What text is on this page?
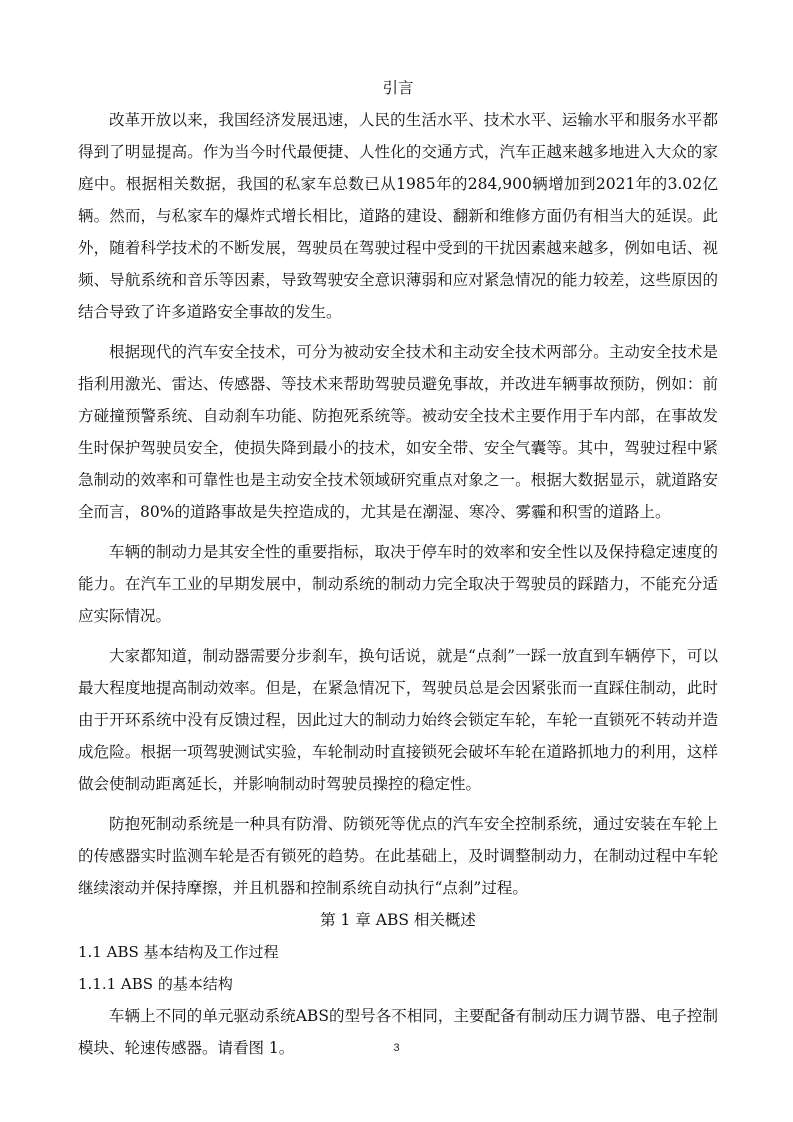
引言

改革开放以来，我国经济发展迅速，人民的生活水平、技术水平、运输水平和服务水平都得到了明显提高。作为当今时代最便捷、人性化的交通方式，汽车正越来越多地进入大众的家庭中。根据相关数据，我国的私家车总数已从1985年的284,900辆增加到2021年的3.02亿辆。然而，与私家车的爆炸式增长相比，道路的建设、翻新和维修方面仍有相当大的延误。此外，随着科学技术的不断发展，驾驶员在驾驶过程中受到的干扰因素越来越多，例如电话、视频、导航系统和音乐等因素，导致驾驶安全意识薄弱和应对紧急情况的能力较差，这些原因的结合导致了许多道路安全事故的发生。

根据现代的汽车安全技术，可分为被动安全技术和主动安全技术两部分。主动安全技术是指利用激光、雷达、传感器、等技术来帮助驾驶员避免事故，并改进车辆事故预防，例如：前方碰撞预警系统、自动刹车功能、防抱死系统等。被动安全技术主要作用于车内部，在事故发生时保护驾驶员安全，使损失降到最小的技术，如安全带、安全气囊等。其中，驾驶过程中紧急制动的效率和可靠性也是主动安全技术领域研究重点对象之一。根据大数据显示，就道路安全而言，80%的道路事故是失控造成的，尤其是在潮湿、寒冷、雾霾和积雪的道路上。

车辆的制动力是其安全性的重要指标，取决于停车时的效率和安全性以及保持稳定速度的能力。在汽车工业的早期发展中，制动系统的制动力完全取决于驾驶员的踩踏力，不能充分适应实际情况。

大家都知道，制动器需要分步刹车，换句话说，就是“点刹”一踩一放直到车辆停下，可以最大程度地提高制动效率。但是，在紧急情况下，驾驶员总是会因紧张而一直踩住制动，此时由于开环系统中没有反馈过程，因此过大的制动力始终会锁定车轮，车轮一直锁死不转动并造成危险。根据一项驾驶测试实验，车轮制动时直接锁死会破坏车轮在道路抓地力的利用，这样做会使制动距离延长，并影响制动时驾驶员操控的稳定性。

防抱死制动系统是一种具有防滑、防锁死等优点的汽车安全控制系统，通过安装在车轮上的传感器实时监测车轮是否有锁死的趋势。在此基础上，及时调整制动力，在制动过程中车轮继续滚动并保持摩擦，并且机器和控制系统自动执行“点刹”过程。

第 1 章 ABS 相关概述
1.1 ABS 基本结构及工作过程
1.1.1 ABS 的基本结构

车辆上不同的单元驱动系统ABS的型号各不相同，主要配备有制动压力调节器、电子控制模块、轮速传感器。请看图 1。	3
